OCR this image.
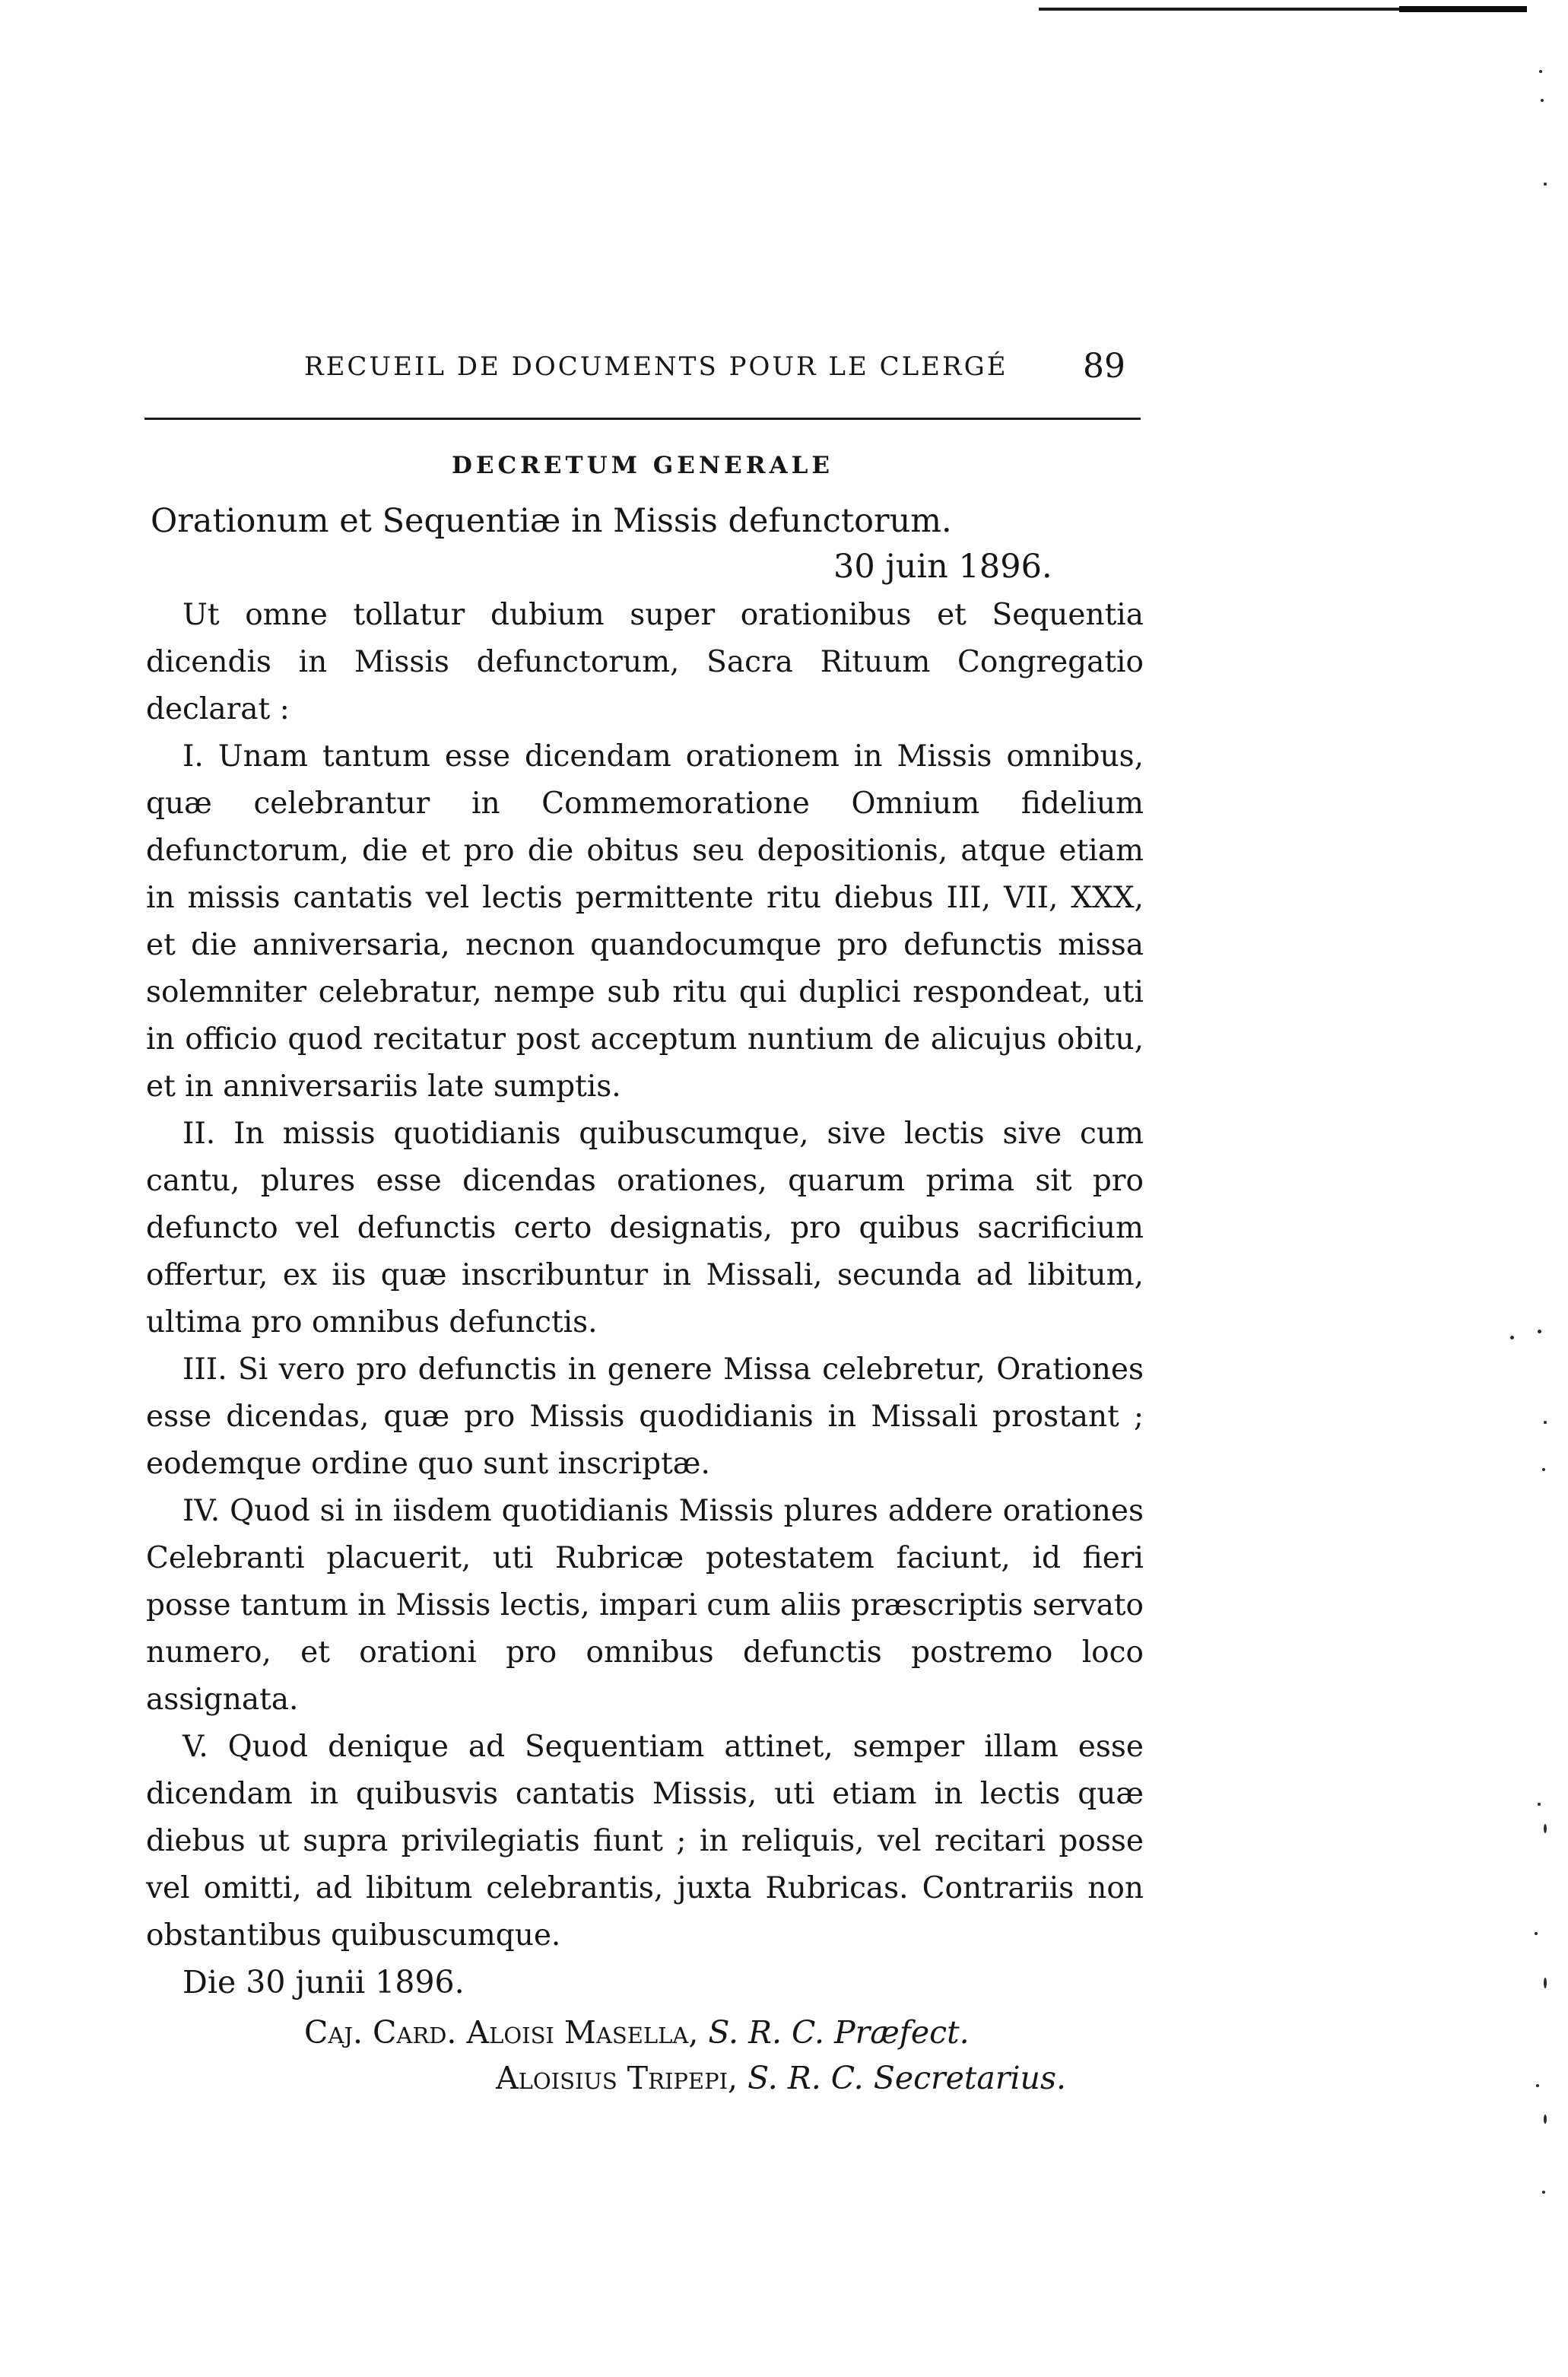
RECUEIL DE DOCUMENTS POUR LE CLERGÉ 89
DECRETUM GENERALE
Orationum et Sequentiæ in Missis defunctorum.
30 juin 1896.

Ut omne tollatur dubium super orationibus et Sequentia dicendis in Missis defunctorum, Sacra Rituum Congregatio declarat :

I. Unam tantum esse dicendam orationem in Missis omnibus, quæ celebrantur in Commemoratione Omnium fidelium defunctorum, die et pro die obitus seu depositionis, atque etiam in missis cantatis vel lectis permittente ritu diebus III, VII, XXX, et die anniversaria, necnon quandocumque pro defunctis missa solemniter celebratur, nempe sub ritu qui duplici respondeat, uti in officio quod recitatur post acceptum nuntium de alicujus obitu, et in anniversariis late sumptis.

II. In missis quotidianis quibuscumque, sive lectis sive cum cantu, plures esse dicendas orationes, quarum prima sit pro defuncto vel defunctis certo designatis, pro quibus sacrificium offertur, ex iis quæ inscribuntur in Missali, secunda ad libitum, ultima pro omnibus defunctis.

III. Si vero pro defunctis in genere Missa celebretur, Orationes esse dicendas, quæ pro Missis quodidianis in Missali prostant ; eodemque ordine quo sunt inscriptæ.

IV. Quod si in iisdem quotidianis Missis plures addere orationes Celebranti placuerit, uti Rubricæ potestatem faciunt, id fieri posse tantum in Missis lectis, impari cum aliis præscriptis servato numero, et orationi pro omnibus defunctis postremo loco assignata.

V. Quod denique ad Sequentiam attinet, semper illam esse dicendam in quibusvis cantatis Missis, uti etiam in lectis quæ diebus ut supra privilegiatis fiunt ; in reliquis, vel recitari posse vel omitti, ad libitum celebrantis, juxta Rubricas. Contrariis non obstantibus quibuscumque.

Die 30 junii 1896.
Caj. Card. Aloisi Masella, S. R. C. Præfect.
Aloisius Tripepi, S. R. C. Secretarius.
